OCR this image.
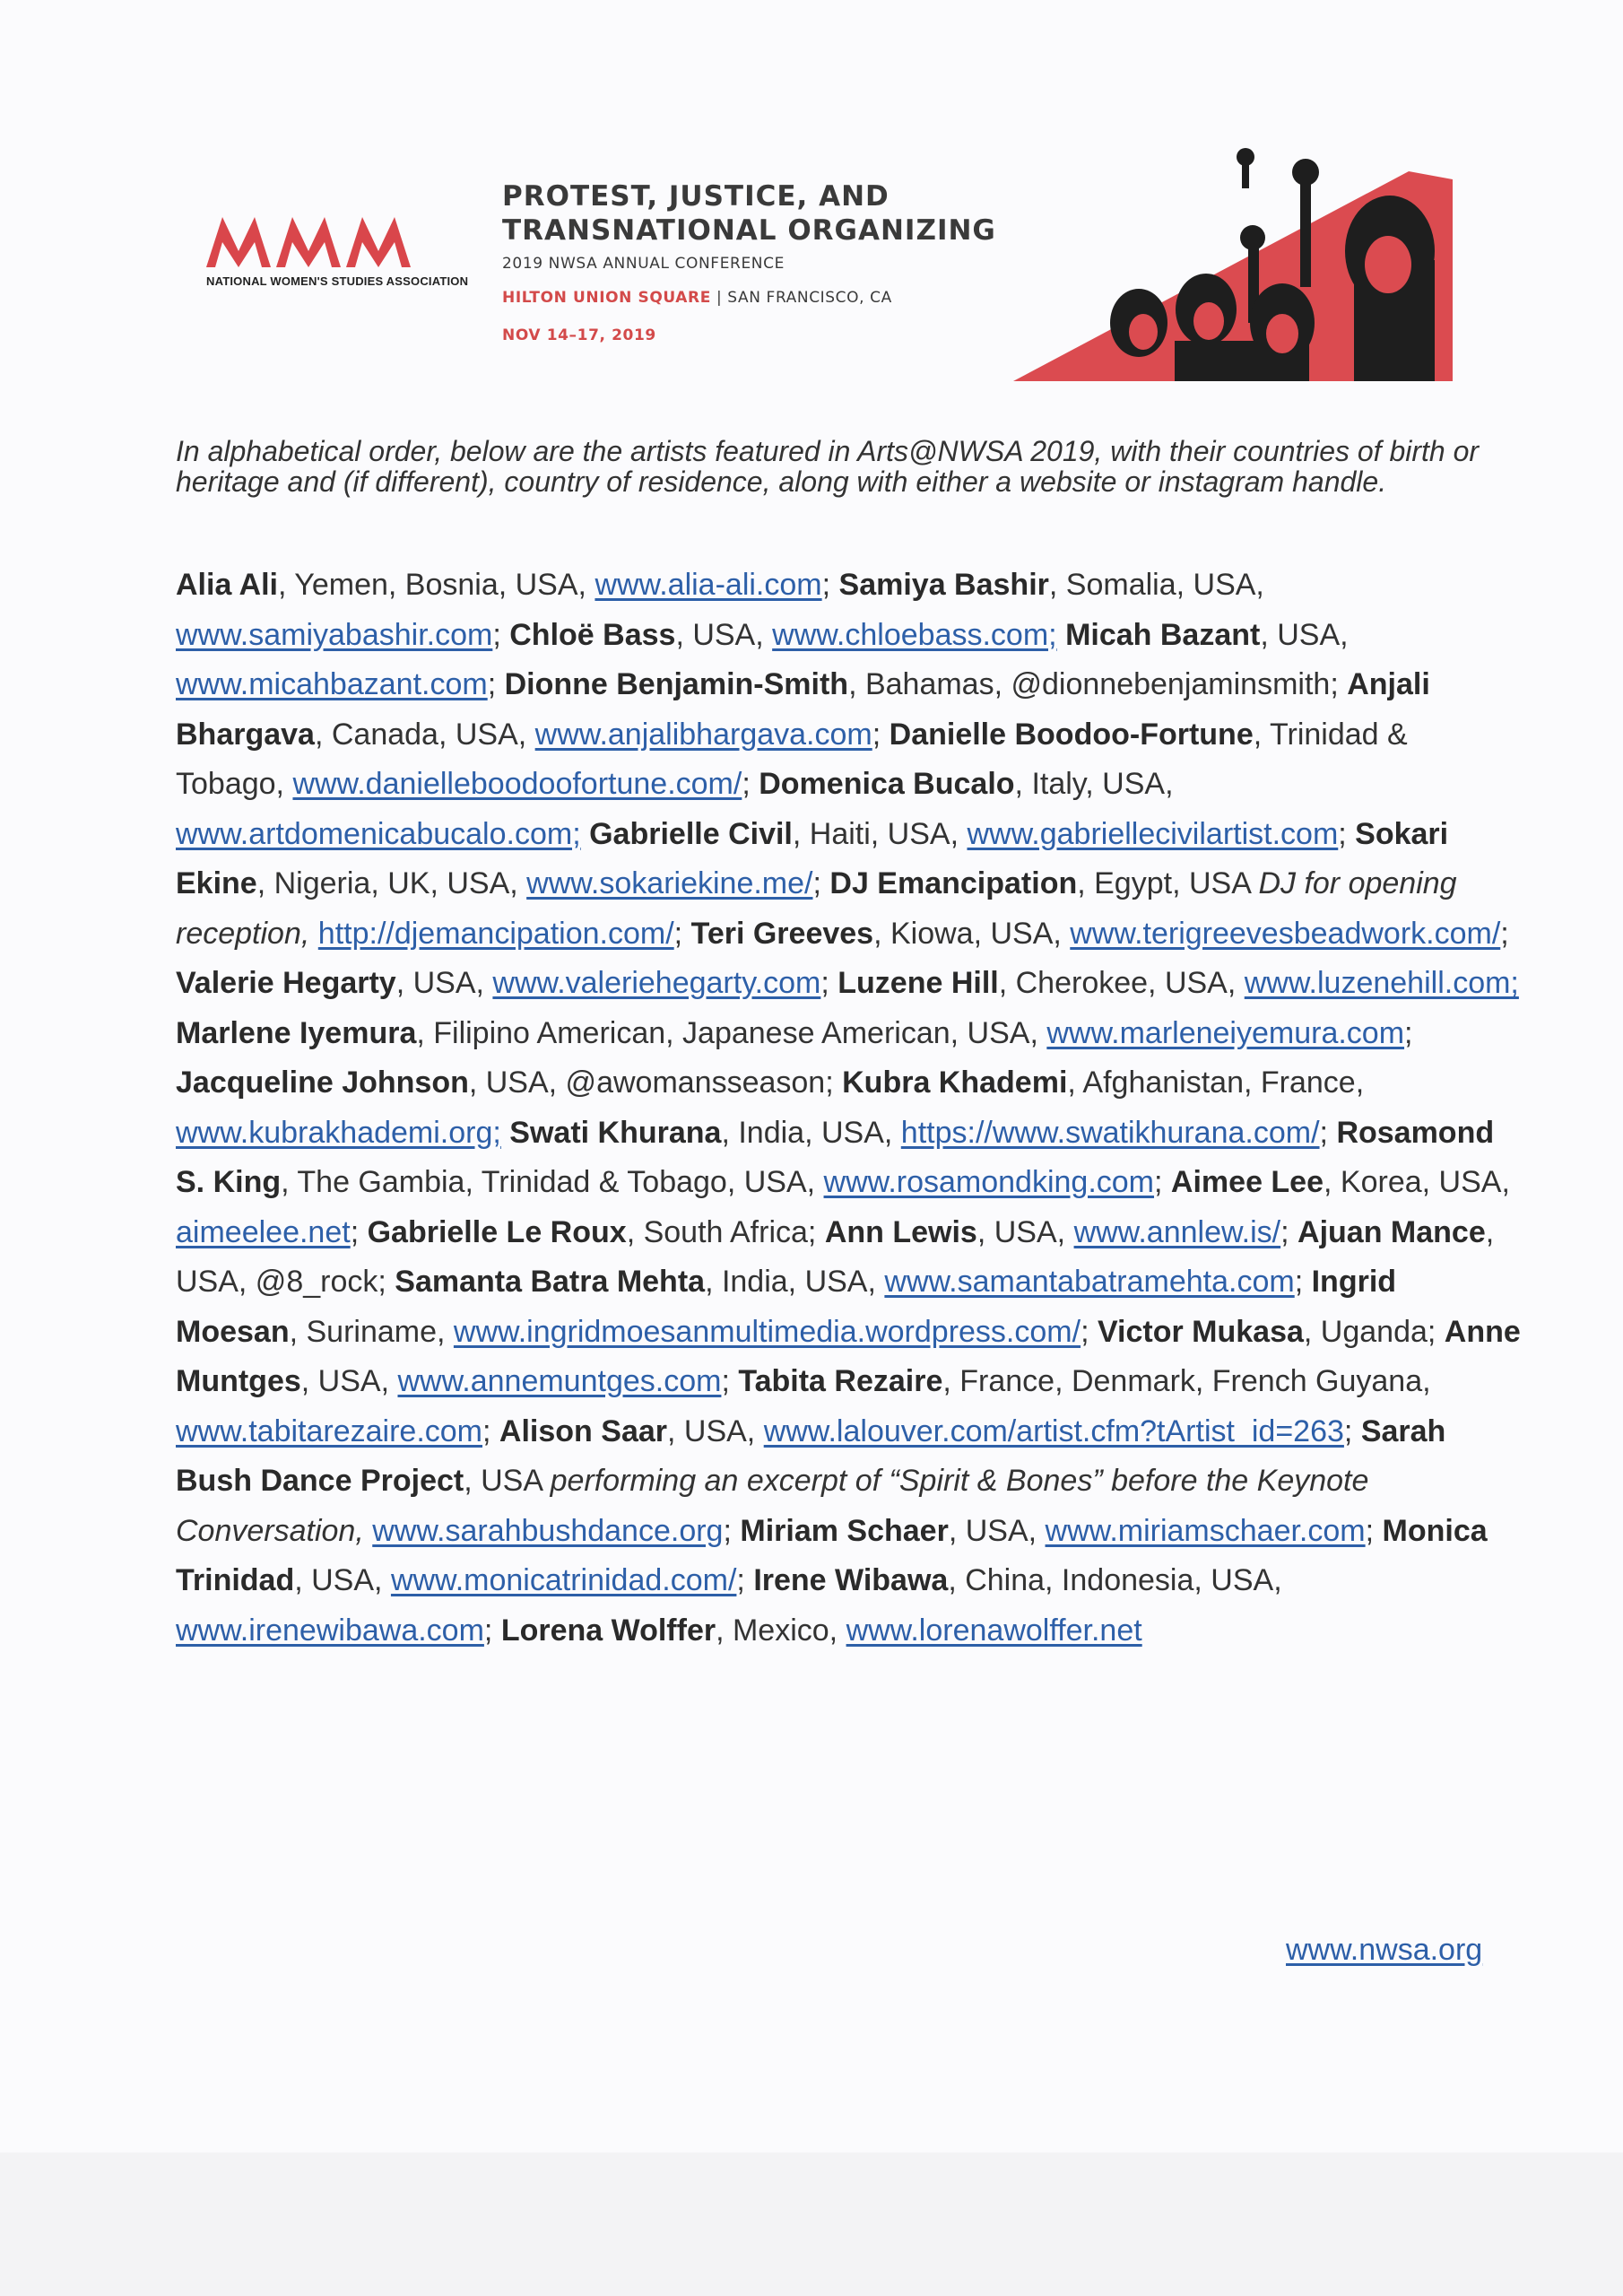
NATIONAL WOMEN'S STUDIES ASSOCIATION
PROTEST, JUSTICE, AND
TRANSNATIONAL ORGANIZING
2019 NWSA ANNUAL CONFERENCE
HILTON UNION SQUARE | SAN FRANCISCO, CA
NOV 14–17, 2019
In alphabetical order, below are the artists featured in Arts@NWSA 2019, with their countries of birth or heritage and (if different), country of residence, along with either a website or instagram handle.
Alia Ali, Yemen, Bosnia, USA, www.alia-ali.com; Samiya Bashir, Somalia, USA, www.samiyabashir.com; Chloë Bass, USA, www.chloebass.com; Micah Bazant, USA, www.micahbazant.com; Dionne Benjamin-Smith, Bahamas, @dionnebenjaminsmith; Anjali Bhargava, Canada, USA, www.anjalibhargava.com; Danielle Boodoo-Fortune, Trinidad & Tobago, www.danielleboodoofortune.com/; Domenica Bucalo, Italy, USA, www.artdomenicabucalo.com; Gabrielle Civil, Haiti, USA, www.gabriellecivilartist.com; Sokari Ekine, Nigeria, UK, USA, www.sokariekine.me/; DJ Emancipation, Egypt, USA DJ for opening reception, http://djemancipation.com/; Teri Greeves, Kiowa, USA, www.terigreevesbeadwork.com/; Valerie Hegarty, USA, www.valeriehegarty.com; Luzene Hill, Cherokee, USA, www.luzenehill.com; Marlene Iyemura, Filipino American, Japanese American, USA, www.marleneiyemura.com; Jacqueline Johnson, USA, @awomansseason; Kubra Khademi, Afghanistan, France, www.kubrakhademi.org; Swati Khurana, India, USA, https://www.swatikhurana.com/; Rosamond S. King, The Gambia, Trinidad & Tobago, USA, www.rosamondking.com; Aimee Lee, Korea, USA, aimeelee.net; Gabrielle Le Roux, South Africa; Ann Lewis, USA, www.annlew.is/; Ajuan Mance, USA, @8_rock; Samanta Batra Mehta, India, USA, www.samantabatramehta.com; Ingrid Moesan, Suriname, www.ingridmoesanmultimedia.wordpress.com/; Victor Mukasa, Uganda; Anne Muntges, USA, www.annemuntges.com; Tabita Rezaire, France, Denmark, French Guyana, www.tabitarezaire.com; Alison Saar, USA, www.lalouver.com/artist.cfm?tArtist_id=263; Sarah Bush Dance Project, USA performing an excerpt of “Spirit & Bones” before the Keynote Conversation, www.sarahbushdance.org; Miriam Schaer, USA, www.miriamschaer.com; Monica Trinidad, USA, www.monicatrinidad.com/; Irene Wibawa, China, Indonesia, USA, www.irenewibawa.com; Lorena Wolffer, Mexico, www.lorenawolffer.net
www.nwsa.org
